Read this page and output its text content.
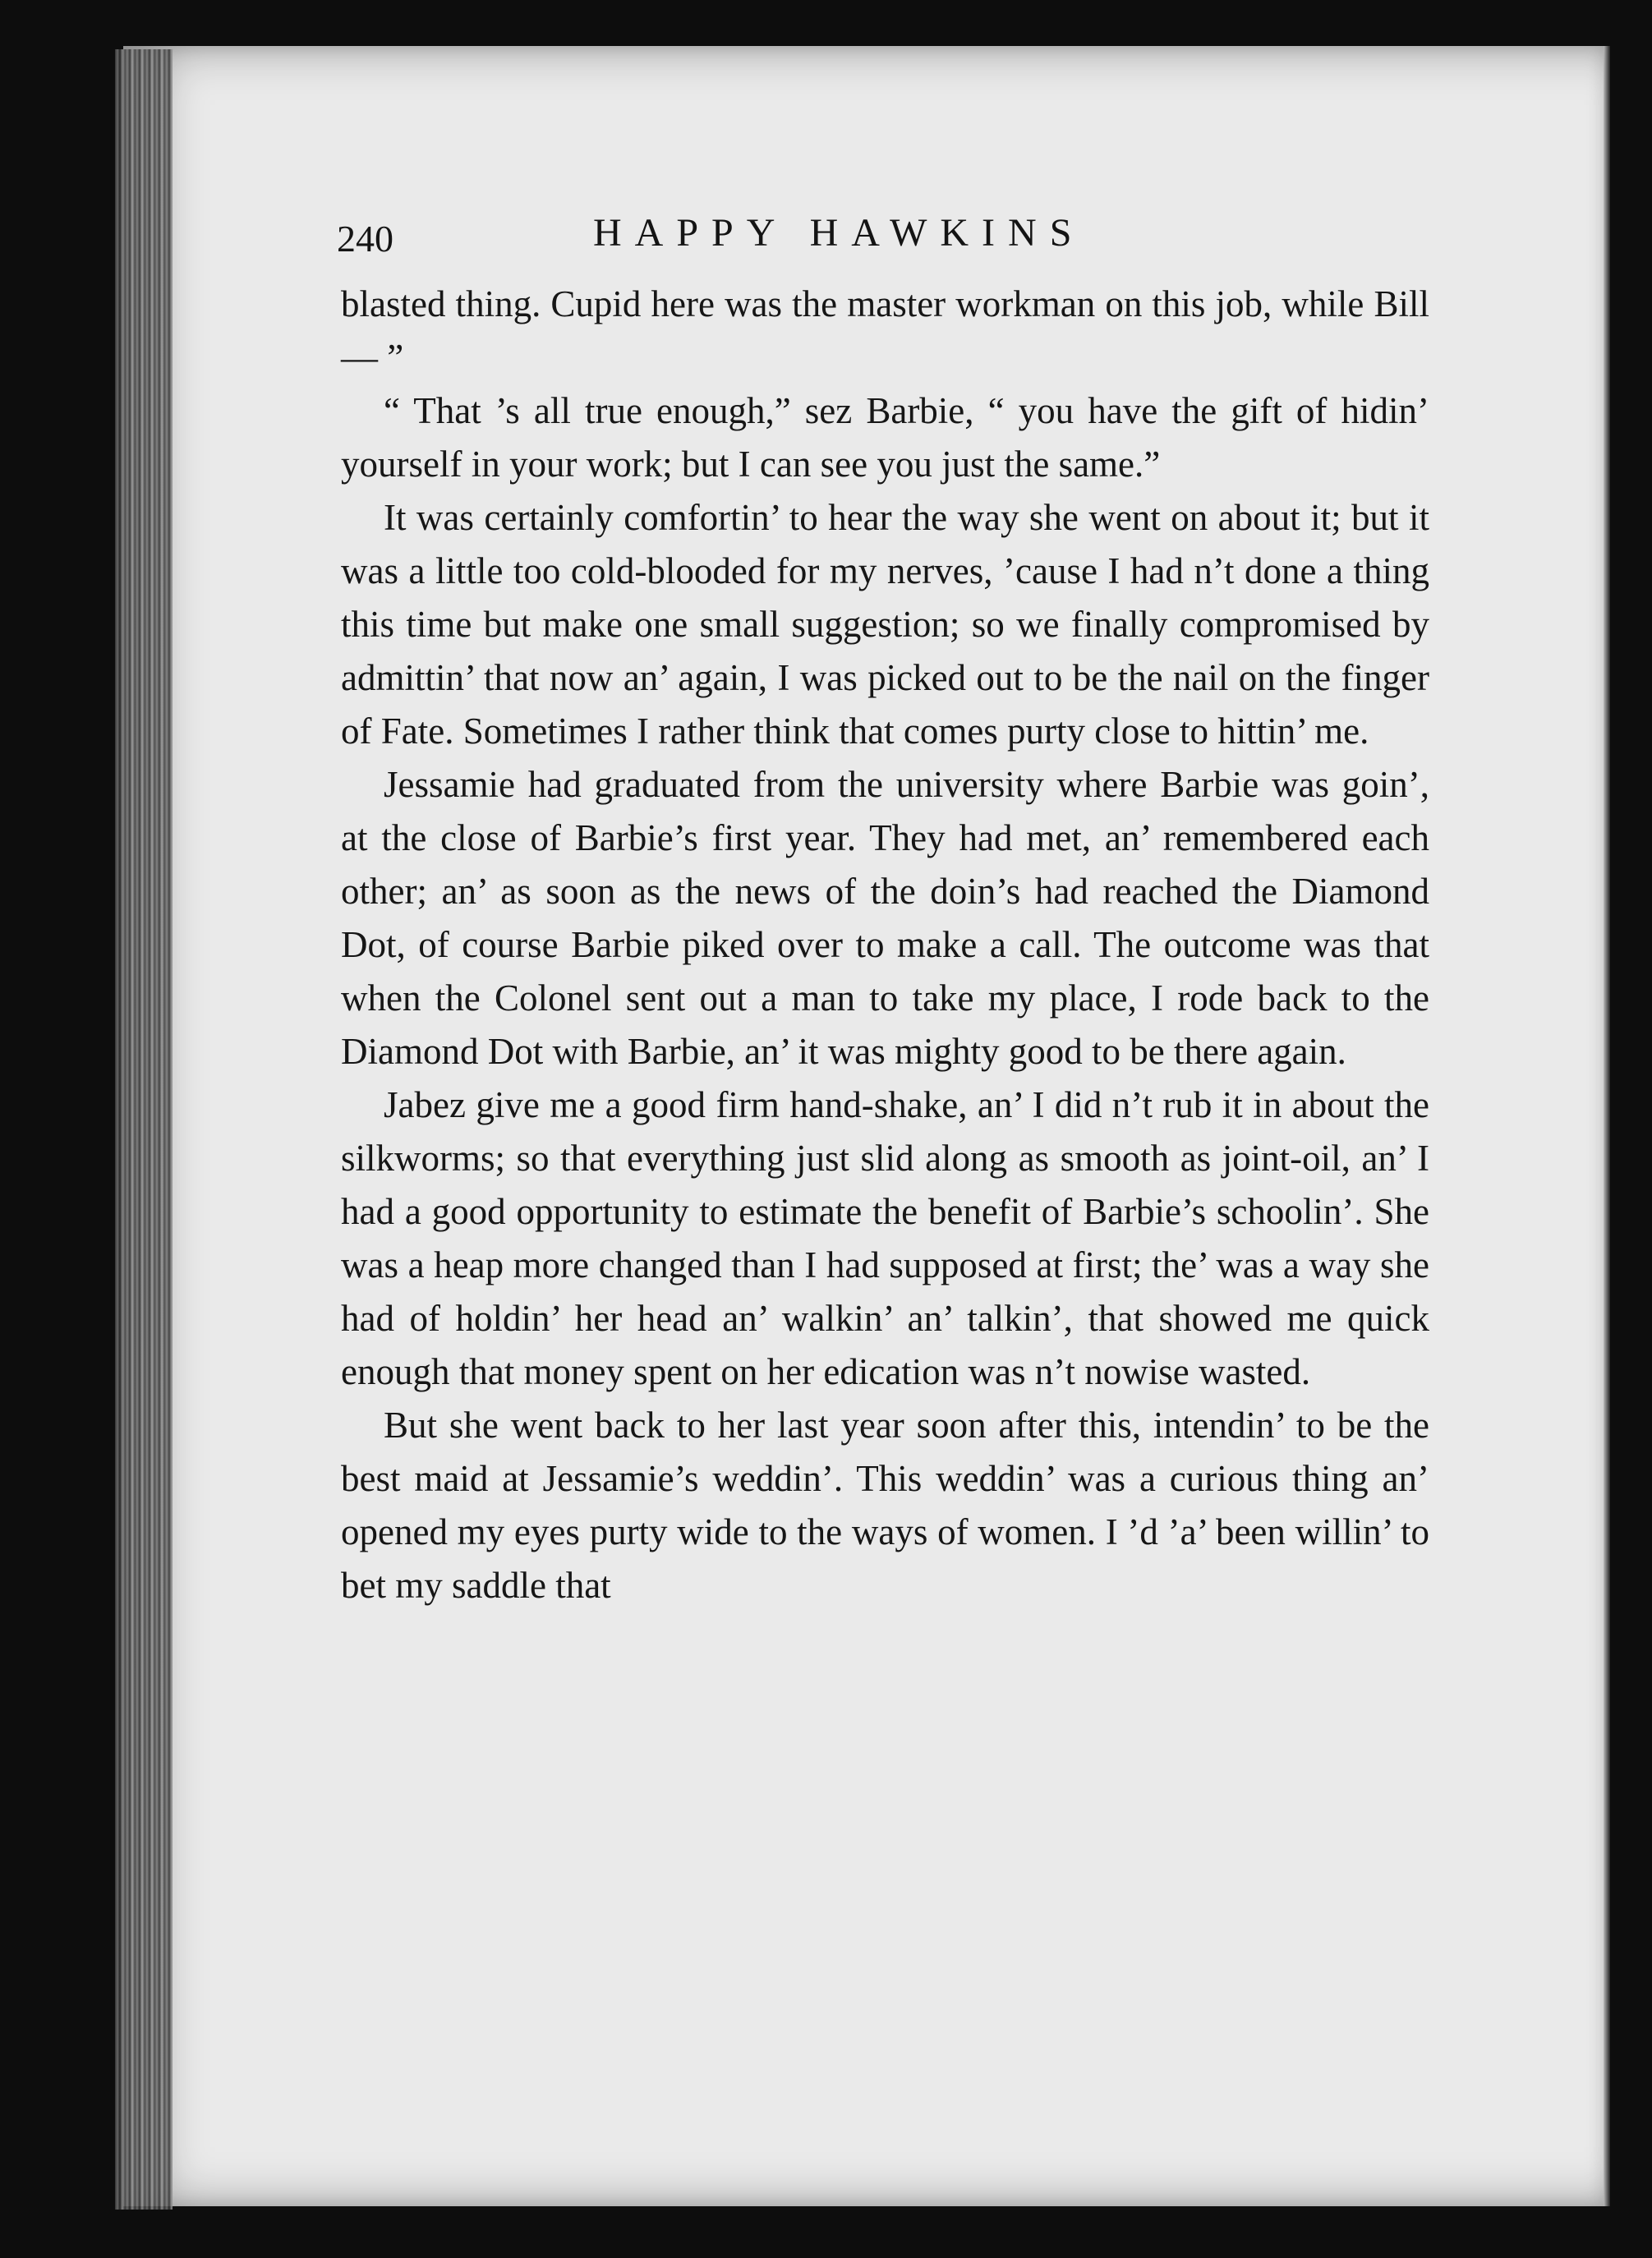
240	HAPPY HAWKINS

blasted thing. Cupid here was the master workman on this job, while Bill — ”

“ That ’s all true enough,” sez Barbie, “ you have the gift of hidin’ yourself in your work; but I can see you just the same.”

It was certainly comfortin’ to hear the way she went on about it; but it was a little too cold-blooded for my nerves, ’cause I had n’t done a thing this time but make one small suggestion; so we finally compromised by admittin’ that now an’ again, I was picked out to be the nail on the finger of Fate. Sometimes I rather think that comes purty close to hittin’ me.

Jessamie had graduated from the university where Barbie was goin’, at the close of Barbie’s first year. They had met, an’ remembered each other; an’ as soon as the news of the doin’s had reached the Diamond Dot, of course Barbie piked over to make a call. The outcome was that when the Colonel sent out a man to take my place, I rode back to the Diamond Dot with Barbie, an’ it was mighty good to be there again.

Jabez give me a good firm hand-shake, an’ I did n’t rub it in about the silkworms; so that everything just slid along as smooth as joint-oil, an’ I had a good opportunity to estimate the benefit of Barbie’s schoolin’. She was a heap more changed than I had supposed at first; the’ was a way she had of holdin’ her head an’ walkin’ an’ talkin’, that showed me quick enough that money spent on her edication was n’t nowise wasted.

But she went back to her last year soon after this, intendin’ to be the best maid at Jessamie’s weddin’. This weddin’ was a curious thing an’ opened my eyes purty wide to the ways of women. I ’d ’a’ been willin’ to bet my saddle that
